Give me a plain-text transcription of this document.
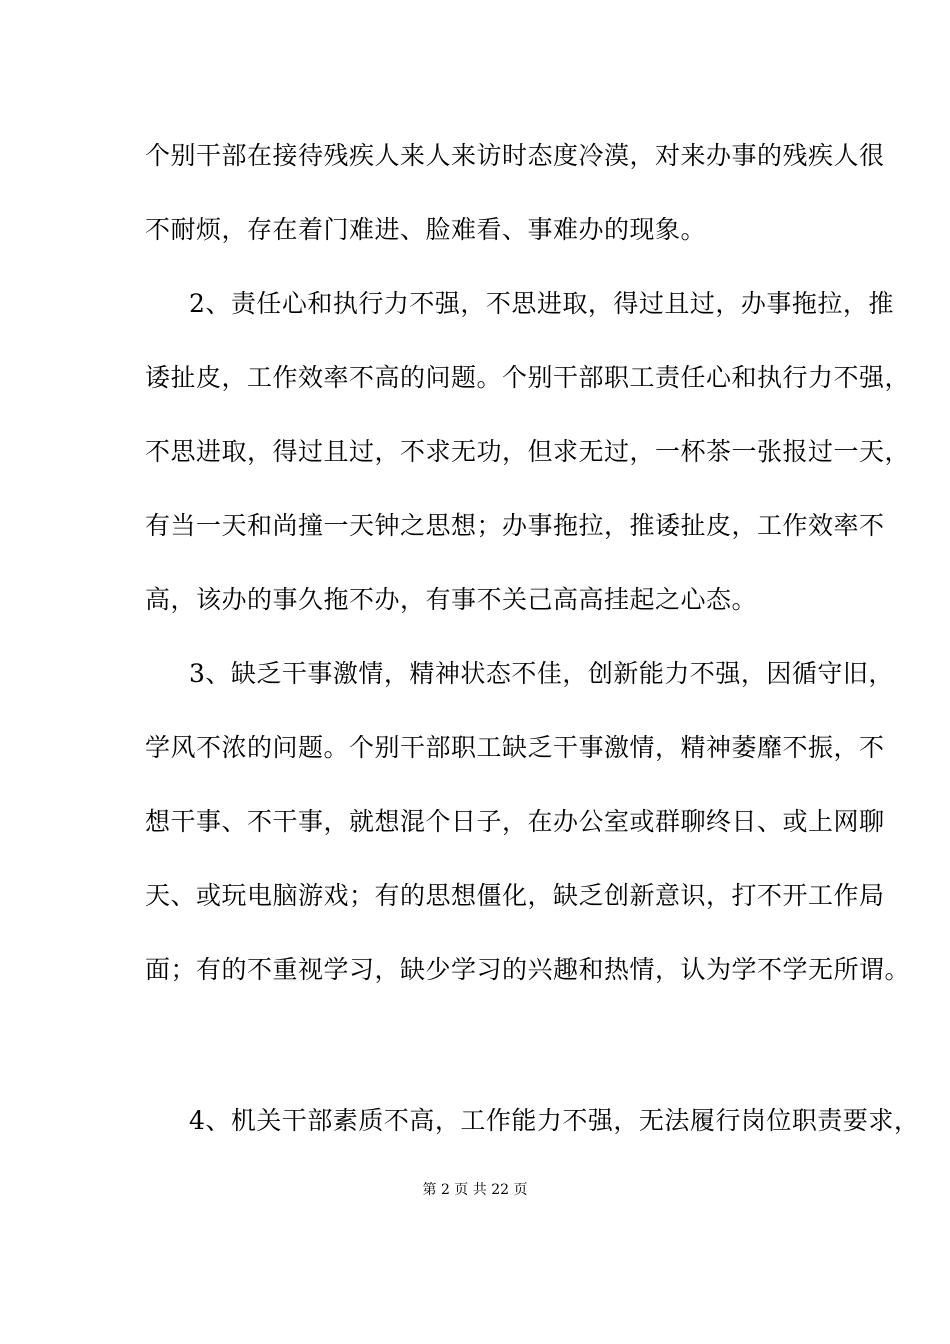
个别干部在接待残疾人来人来访时态度冷漠，对来办事的残疾人很
不耐烦，存在着门难进、脸难看、事难办的现象。
2、责任心和执行力不强，不思进取，得过且过，办事拖拉，推
诿扯皮，工作效率不高的问题。个别干部职工责任心和执行力不强，
不思进取，得过且过，不求无功，但求无过，一杯茶一张报过一天，
有当一天和尚撞一天钟之思想；办事拖拉，推诿扯皮，工作效率不
高，该办的事久拖不办，有事不关己高高挂起之心态。
3、缺乏干事激情，精神状态不佳，创新能力不强，因循守旧，
学风不浓的问题。个别干部职工缺乏干事激情，精神萎靡不振，不
想干事、不干事，就想混个日子，在办公室或群聊终日、或上网聊
天、或玩电脑游戏；有的思想僵化，缺乏创新意识，打不开工作局
面；有的不重视学习，缺少学习的兴趣和热情，认为学不学无所谓。
4、机关干部素质不高，工作能力不强，无法履行岗位职责要求，
第 2 页 共 22 页
